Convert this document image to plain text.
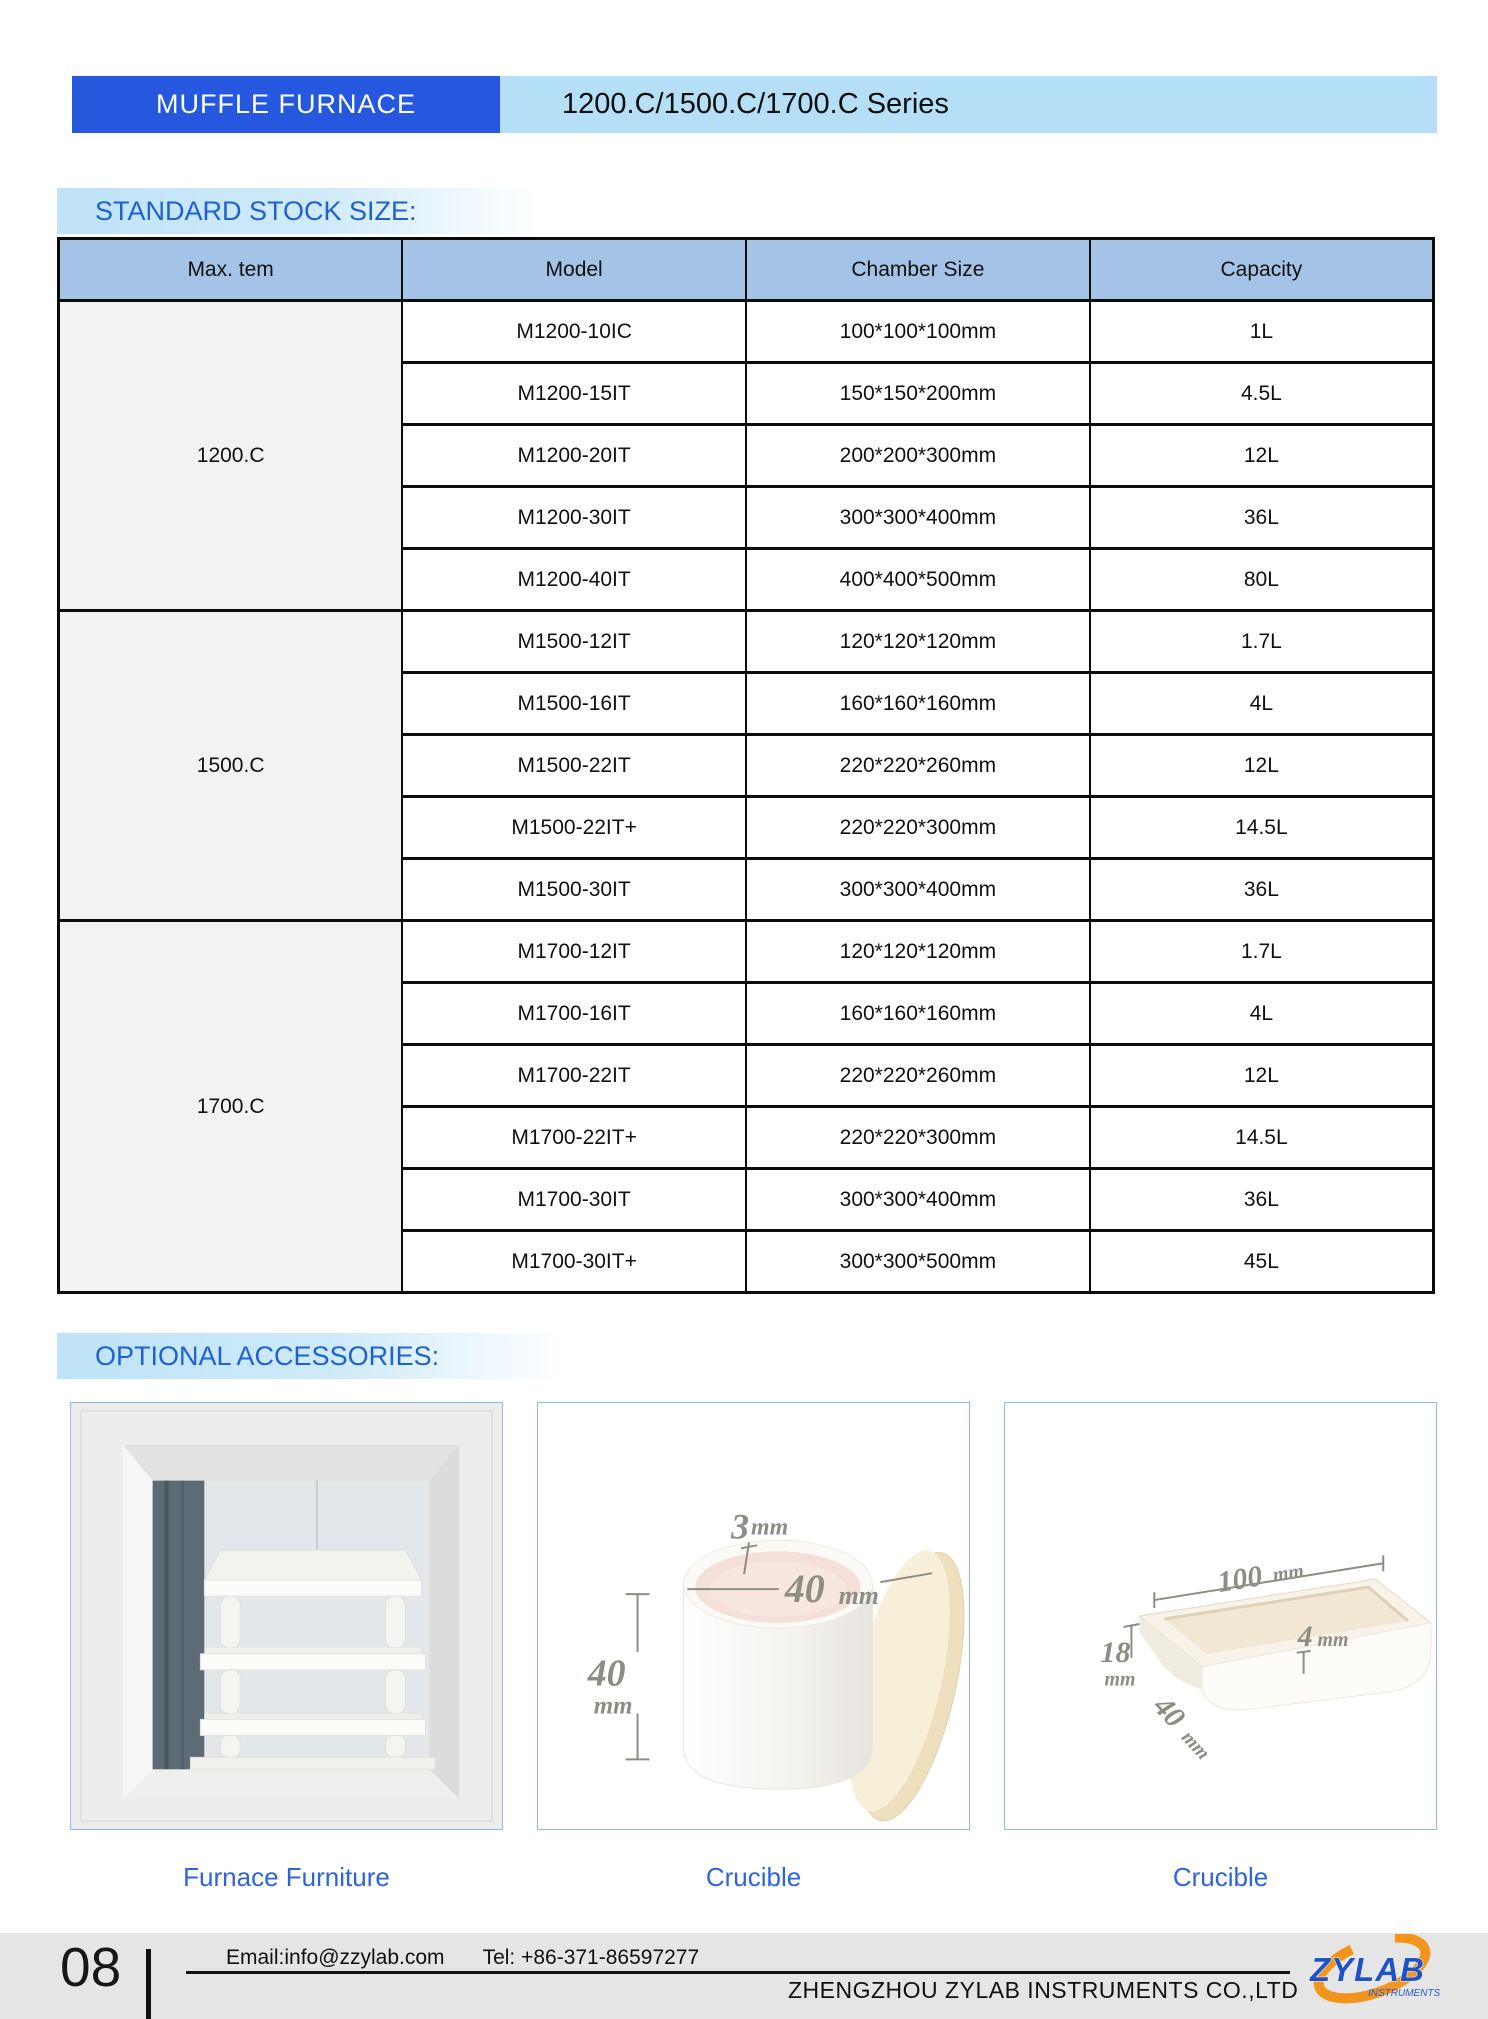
MUFFLE FURNACE	1200.C/1500.C/1700.C Series
STANDARD STOCK SIZE:
Max. tem	Model	Chamber Size	Capacity
1200.C	M1200-10IC	100*100*100mm	1L
	M1200-15IT	150*150*200mm	4.5L
	M1200-20IT	200*200*300mm	12L
	M1200-30IT	300*300*400mm	36L
	M1200-40IT	400*400*500mm	80L
1500.C	M1500-12IT	120*120*120mm	1.7L
	M1500-16IT	160*160*160mm	4L
	M1500-22IT	220*220*260mm	12L
	M1500-22IT+	220*220*300mm	14.5L
	M1500-30IT	300*300*400mm	36L
1700.C	M1700-12IT	120*120*120mm	1.7L
	M1700-16IT	160*160*160mm	4L
	M1700-22IT	220*220*260mm	12L
	M1700-22IT+	220*220*300mm	14.5L
	M1700-30IT	300*300*400mm	36L
	M1700-30IT+	300*300*500mm	45L
OPTIONAL ACCESSORIES:
3 mm
40 mm
40
mm
100 mm
18
mm
4 mm
40
mm
Furnace Furniture	Crucible	Crucible
08	Email:info@zzylab.com Tel: +86-371-86597277
ZHENGZHOU ZYLAB INSTRUMENTS CO.,LTD
ZYLAB
INSTRUMENTS
